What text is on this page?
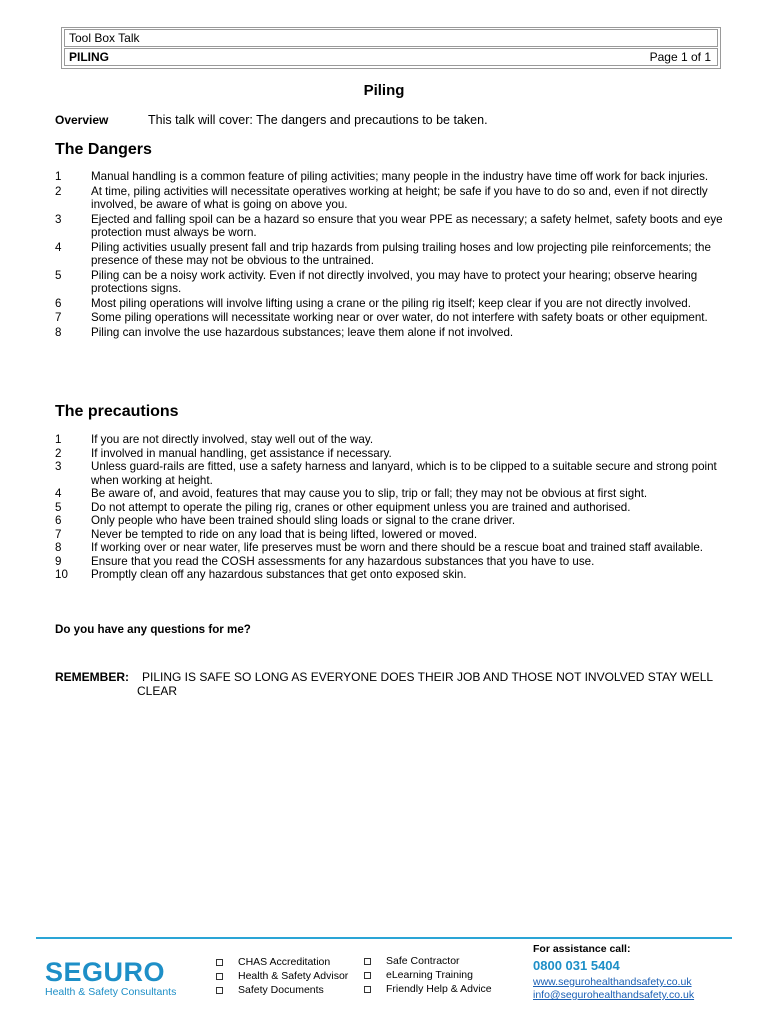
Tool Box Talk
PILING	Page 1 of 1
Piling
Overview	This talk will cover: The dangers and precautions to be taken.
The Dangers
1	Manual handling is a common feature of piling activities; many people in the industry have time off work for back injuries.
2	At time, piling activities will necessitate operatives working at height; be safe if you have to do so and, even if not directly involved, be aware of what is going on above you.
3	Ejected and falling spoil can be a hazard so ensure that you wear PPE as necessary; a safety helmet, safety boots and eye protection must always be worn.
4	Piling activities usually present fall and trip hazards from pulsing trailing hoses and low projecting pile reinforcements; the presence of these may not be obvious to the untrained.
5	Piling can be a noisy work activity. Even if not directly involved, you may have to protect your hearing; observe hearing protections signs.
6	Most piling operations will involve lifting using a crane or the piling rig itself; keep clear if you are not directly involved.
7	Some piling operations will necessitate working near or over water, do not interfere with safety boats or other equipment.
8	Piling can involve the use hazardous substances; leave them alone if not involved.
The precautions
1	If you are not directly involved, stay well out of the way.
2	If involved in manual handling, get assistance if necessary.
3	Unless guard-rails are fitted, use a safety harness and lanyard, which is to be clipped to a suitable secure and strong point when working at height.
4	Be aware of, and avoid, features that may cause you to slip, trip or fall; they may not be obvious at first sight.
5	Do not attempt to operate the piling rig, cranes or other equipment unless you are trained and authorised.
6	Only people who have been trained should sling loads or signal to the crane driver.
7	Never be tempted to ride on any load that is being lifted, lowered or moved.
8	If working over or near water, life preserves must be worn and there should be a rescue boat and trained staff available.
9	Ensure that you read the COSH assessments for any hazardous substances that you have to use.
10 Promptly clean off any hazardous substances that get onto exposed skin.
Do you have any questions for me?
REMEMBER:	PILING IS SAFE SO LONG AS EVERYONE DOES THEIR JOB AND THOSE NOT INVOLVED STAY WELL CLEAR
SEGURO
Health & Safety Consultants
CHAS Accreditation
Health & Safety Advisor
Safety Documents
Safe Contractor
eLearning Training
Friendly Help & Advice
For assistance call:
0800 031 5404
www.segurohealthandsafety.co.uk
info@segurohealthandsafety.co.uk
